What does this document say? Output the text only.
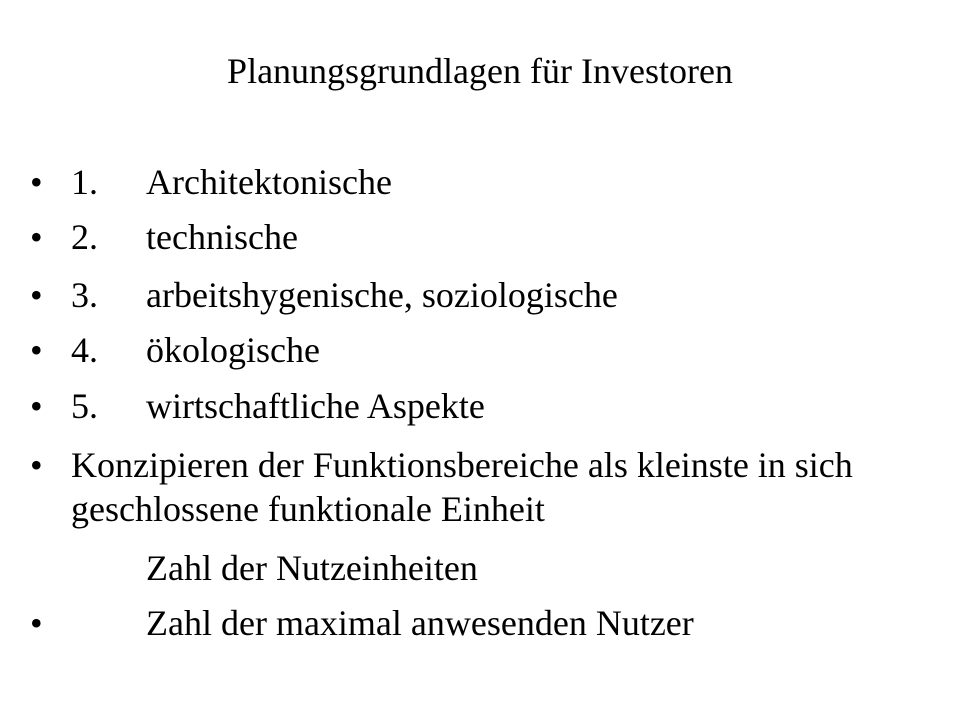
Planungsgrundlagen für Investoren
• 1. Architektonische
• 2. technische
• 3. arbeitshygenische, soziologische
• 4. ökologische
• 5. wirtschaftliche Aspekte
• Konzipieren der Funktionsbereiche als kleinste in sich geschlossene funktionale Einheit
Zahl der Nutzeinheiten
•	Zahl der maximal anwesenden Nutzer
